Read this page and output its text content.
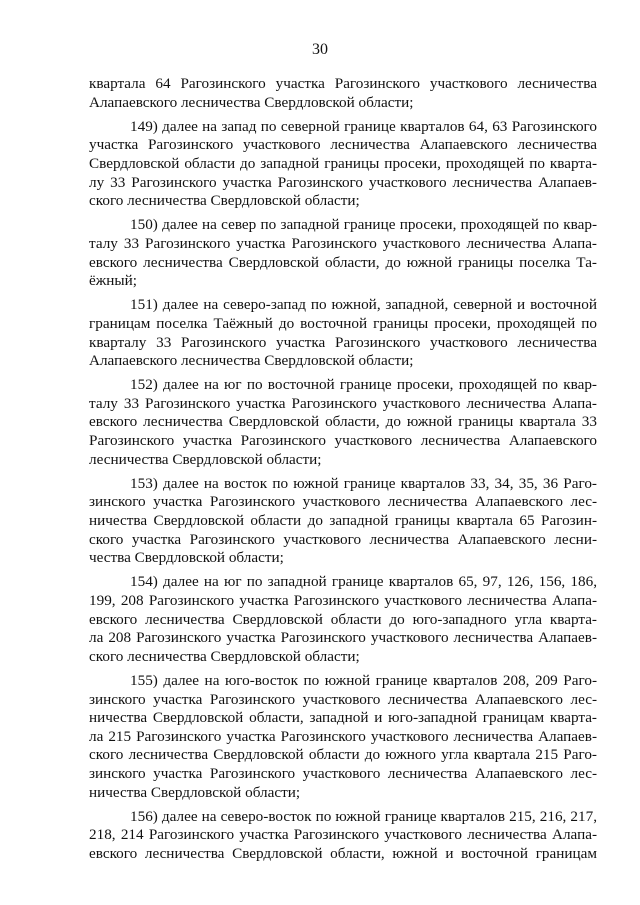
30
квартала 64 Рагозинского участка Рагозинского участкового лесничества
Алапаевского лесничества Свердловской области;
149) далее на запад по северной границе кварталов 64, 63 Рагозинского
участка Рагозинского участкового лесничества Алапаевского лесничества
Свердловской области до западной границы просеки, проходящей по кварта-
лу 33 Рагозинского участка Рагозинского участкового лесничества Алапаев-
ского лесничества Свердловской области;
150) далее на север по западной границе просеки, проходящей по квар-
талу 33 Рагозинского участка Рагозинского участкового лесничества Алапа-
евского лесничества Свердловской области, до южной границы поселка Та-
ёжный;
151) далее на северо-запад по южной, западной, северной и восточной
границам поселка Таёжный до восточной границы просеки, проходящей по
кварталу 33 Рагозинского участка Рагозинского участкового лесничества
Алапаевского лесничества Свердловской области;
152) далее на юг по восточной границе просеки, проходящей по квар-
талу 33 Рагозинского участка Рагозинского участкового лесничества Алапа-
евского лесничества Свердловской области, до южной границы квартала 33
Рагозинского участка Рагозинского участкового лесничества Алапаевского
лесничества Свердловской области;
153) далее на восток по южной границе кварталов 33, 34, 35, 36 Раго-
зинского участка Рагозинского участкового лесничества Алапаевского лес-
ничества Свердловской области до западной границы квартала 65 Рагозин-
ского участка Рагозинского участкового лесничества Алапаевского лесни-
чества Свердловской области;
154) далее на юг по западной границе кварталов 65, 97, 126, 156, 186,
199, 208 Рагозинского участка Рагозинского участкового лесничества Алапа-
евского лесничества Свердловской области до юго-западного угла кварта-
ла 208 Рагозинского участка Рагозинского участкового лесничества Алапаев-
ского лесничества Свердловской области;
155) далее на юго-восток по южной границе кварталов 208, 209 Раго-
зинского участка Рагозинского участкового лесничества Алапаевского лес-
ничества Свердловской области, западной и юго-западной границам кварта-
ла 215 Рагозинского участка Рагозинского участкового лесничества Алапаев-
ского лесничества Свердловской области до южного угла квартала 215 Раго-
зинского участка Рагозинского участкового лесничества Алапаевского лес-
ничества Свердловской области;
156) далее на северо-восток по южной границе кварталов 215, 216, 217,
218, 214 Рагозинского участка Рагозинского участкового лесничества Алапа-
евского лесничества Свердловской области, южной и восточной границам
